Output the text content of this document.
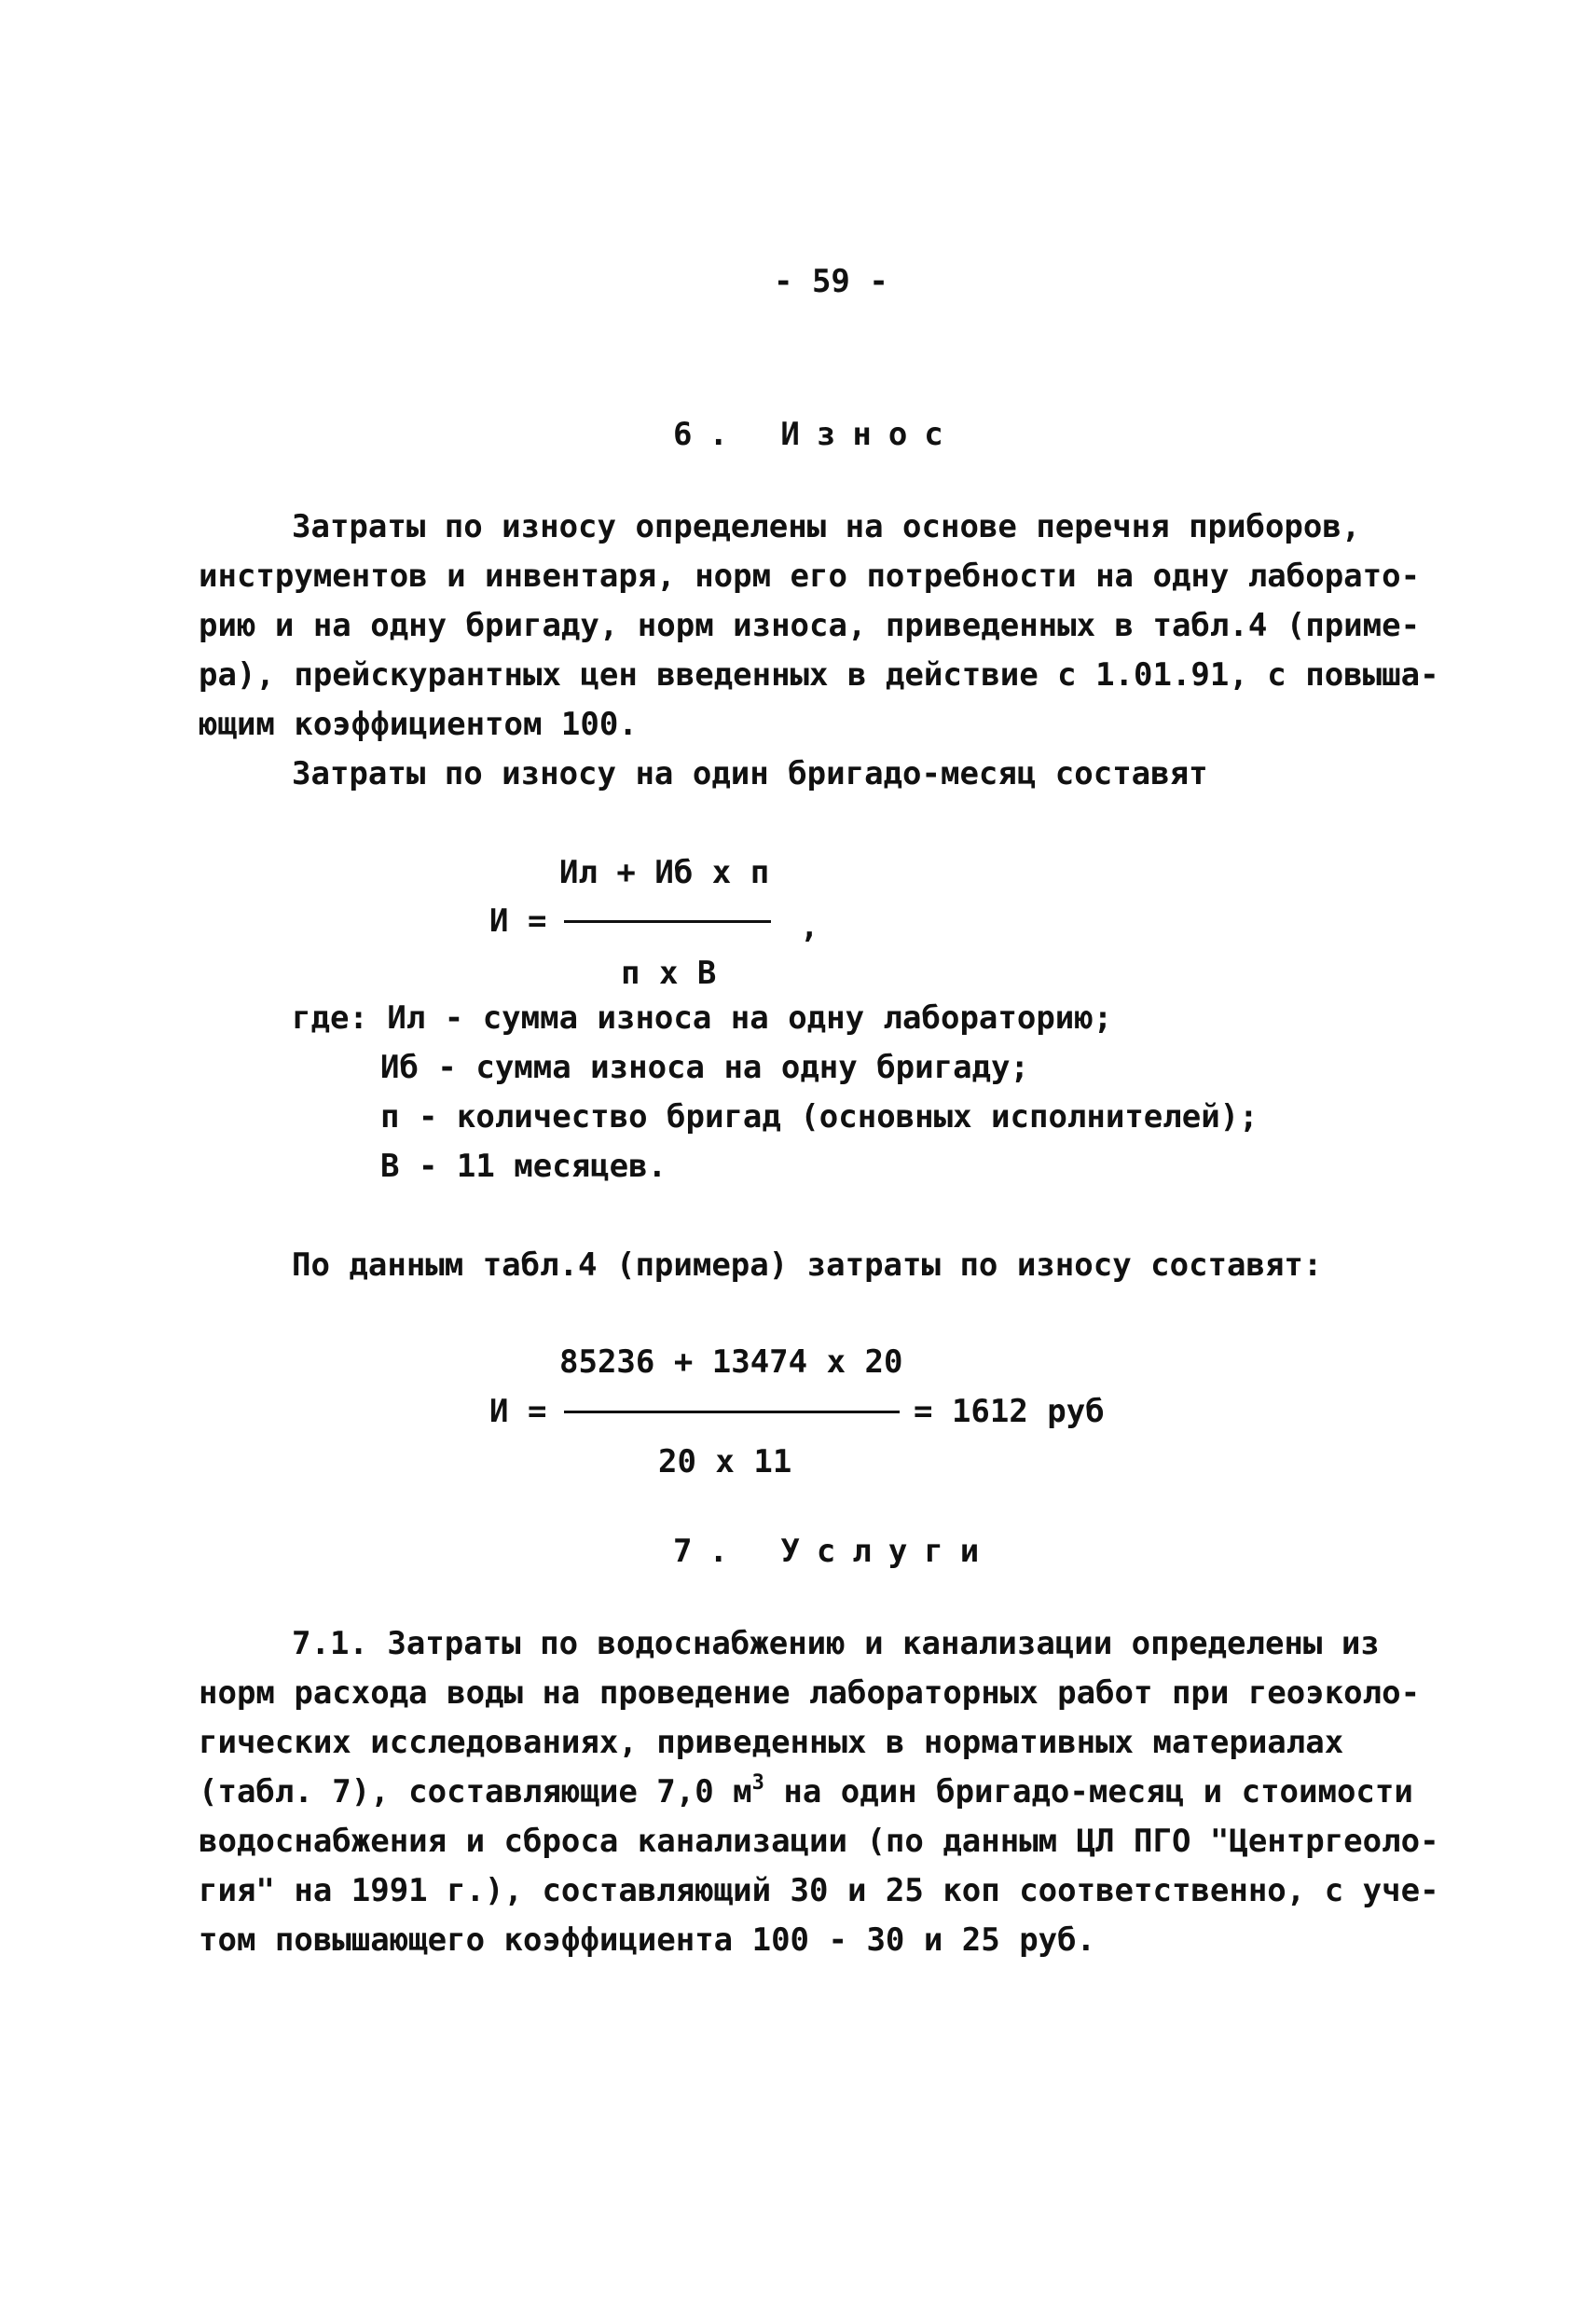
- 59 -
6. Износ
Затраты по износу определены на основе перечня приборов,
инструментов и инвентаря, норм его потребности на одну лаборато-
рию и на одну бригаду, норм износа, приведенных в табл.4 (приме-
ра), прейскурантных цен введенных в действие с 1.01.91, с повыша-
ющим коэффициентом 100.
Затраты по износу на один бригадо-месяц составят
Ил + Иб х п
И =	,
п х В
где: Ил - сумма износа на одну лабораторию;
Иб - сумма износа на одну бригаду;
п - количество бригад (основных исполнителей);
В - 11 месяцев.
По данным табл.4 (примера) затраты по износу составят:
85236 + 13474 х 20
И =	= 1612 руб
20 х 11
7. Услуги
7.1. Затраты по водоснабжению и канализации определены из
норм расхода воды на проведение лабораторных работ при геоэколо-
гических исследованиях, приведенных в нормативных материалах
(табл. 7), составляющие 7,0 $м^3$ на один бригадо-месяц и стоимости
водоснабжения и сброса канализации (по данным ЦЛ ПГО "Центргеоло-
гия" на 1991 г.), составляющий 30 и 25 коп соответственно, с уче-
том повышающего коэффициента 100 - 30 и 25 руб.
